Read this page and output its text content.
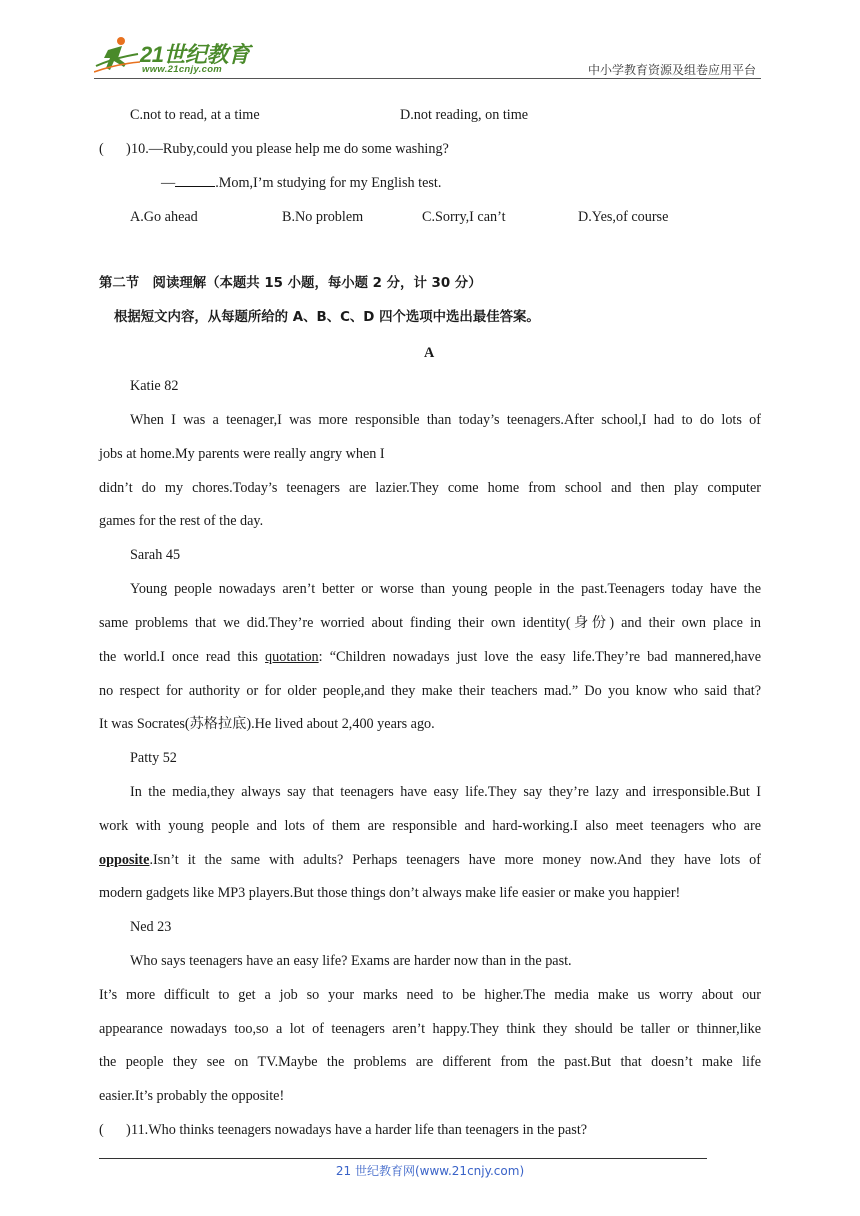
21世纪教育
www.21cnjy.com	中小学教育资源及组卷应用平台
C.not to read, at a time	D.not reading, on time
( ) 10.—Ruby,could you please help me do some washing?
—	.Mom,I’m studying for my English test.
A.Go ahead	B.No problem	C.Sorry,I can’t	D.Yes,of course
第二节　阅读理解（本题共 15 小题，每小题 2 分，计 30 分）
根据短文内容，从每题所给的 A、B、C、D 四个选项中选出最佳答案。
A
Katie 82
When I was a teenager,I was more responsible than today’s teenagers.After school,I had to do lots of
jobs at home.My parents were really angry when I
didn’t do my chores.Today’s teenagers are lazier.They come home from school and then play computer
games for the rest of the day.
Sarah 45
Young people nowadays aren’t better or worse than young people in the past.Teenagers today have the
same problems that we did.They’re worried about finding their own identity(身份) and their own place in
the world.I once read this quotation: “Children nowadays just love the easy life.They’re bad mannered,have
no respect for authority or for older people,and they make their teachers mad.” Do you know who said that?
It was Socrates(苏格拉底).He lived about 2,400 years ago.
Patty 52
In the media,they always say that teenagers have easy life.They say they’re lazy and irresponsible.But I
work with young people and lots of them are responsible and hard-working.I also meet teenagers who are
opposite.Isn’t it the same with adults? Perhaps teenagers have more money now.And they have lots of
modern gadgets like MP3 players.But those things don’t always make life easier or make you happier!
Ned 23
Who says teenagers have an easy life? Exams are harder now than in the past.
It’s more difficult to get a job so your marks need to be higher.The media make us worry about our
appearance nowadays too,so a lot of teenagers aren’t happy.They think they should be taller or thinner,like
the people they see on TV.Maybe the problems are different from the past.But that doesn’t make life
easier.It’s probably the opposite!
( ) 11.Who thinks teenagers nowadays have a harder life than teenagers in the past?
21 世纪教育网(www.21cnjy.com)
